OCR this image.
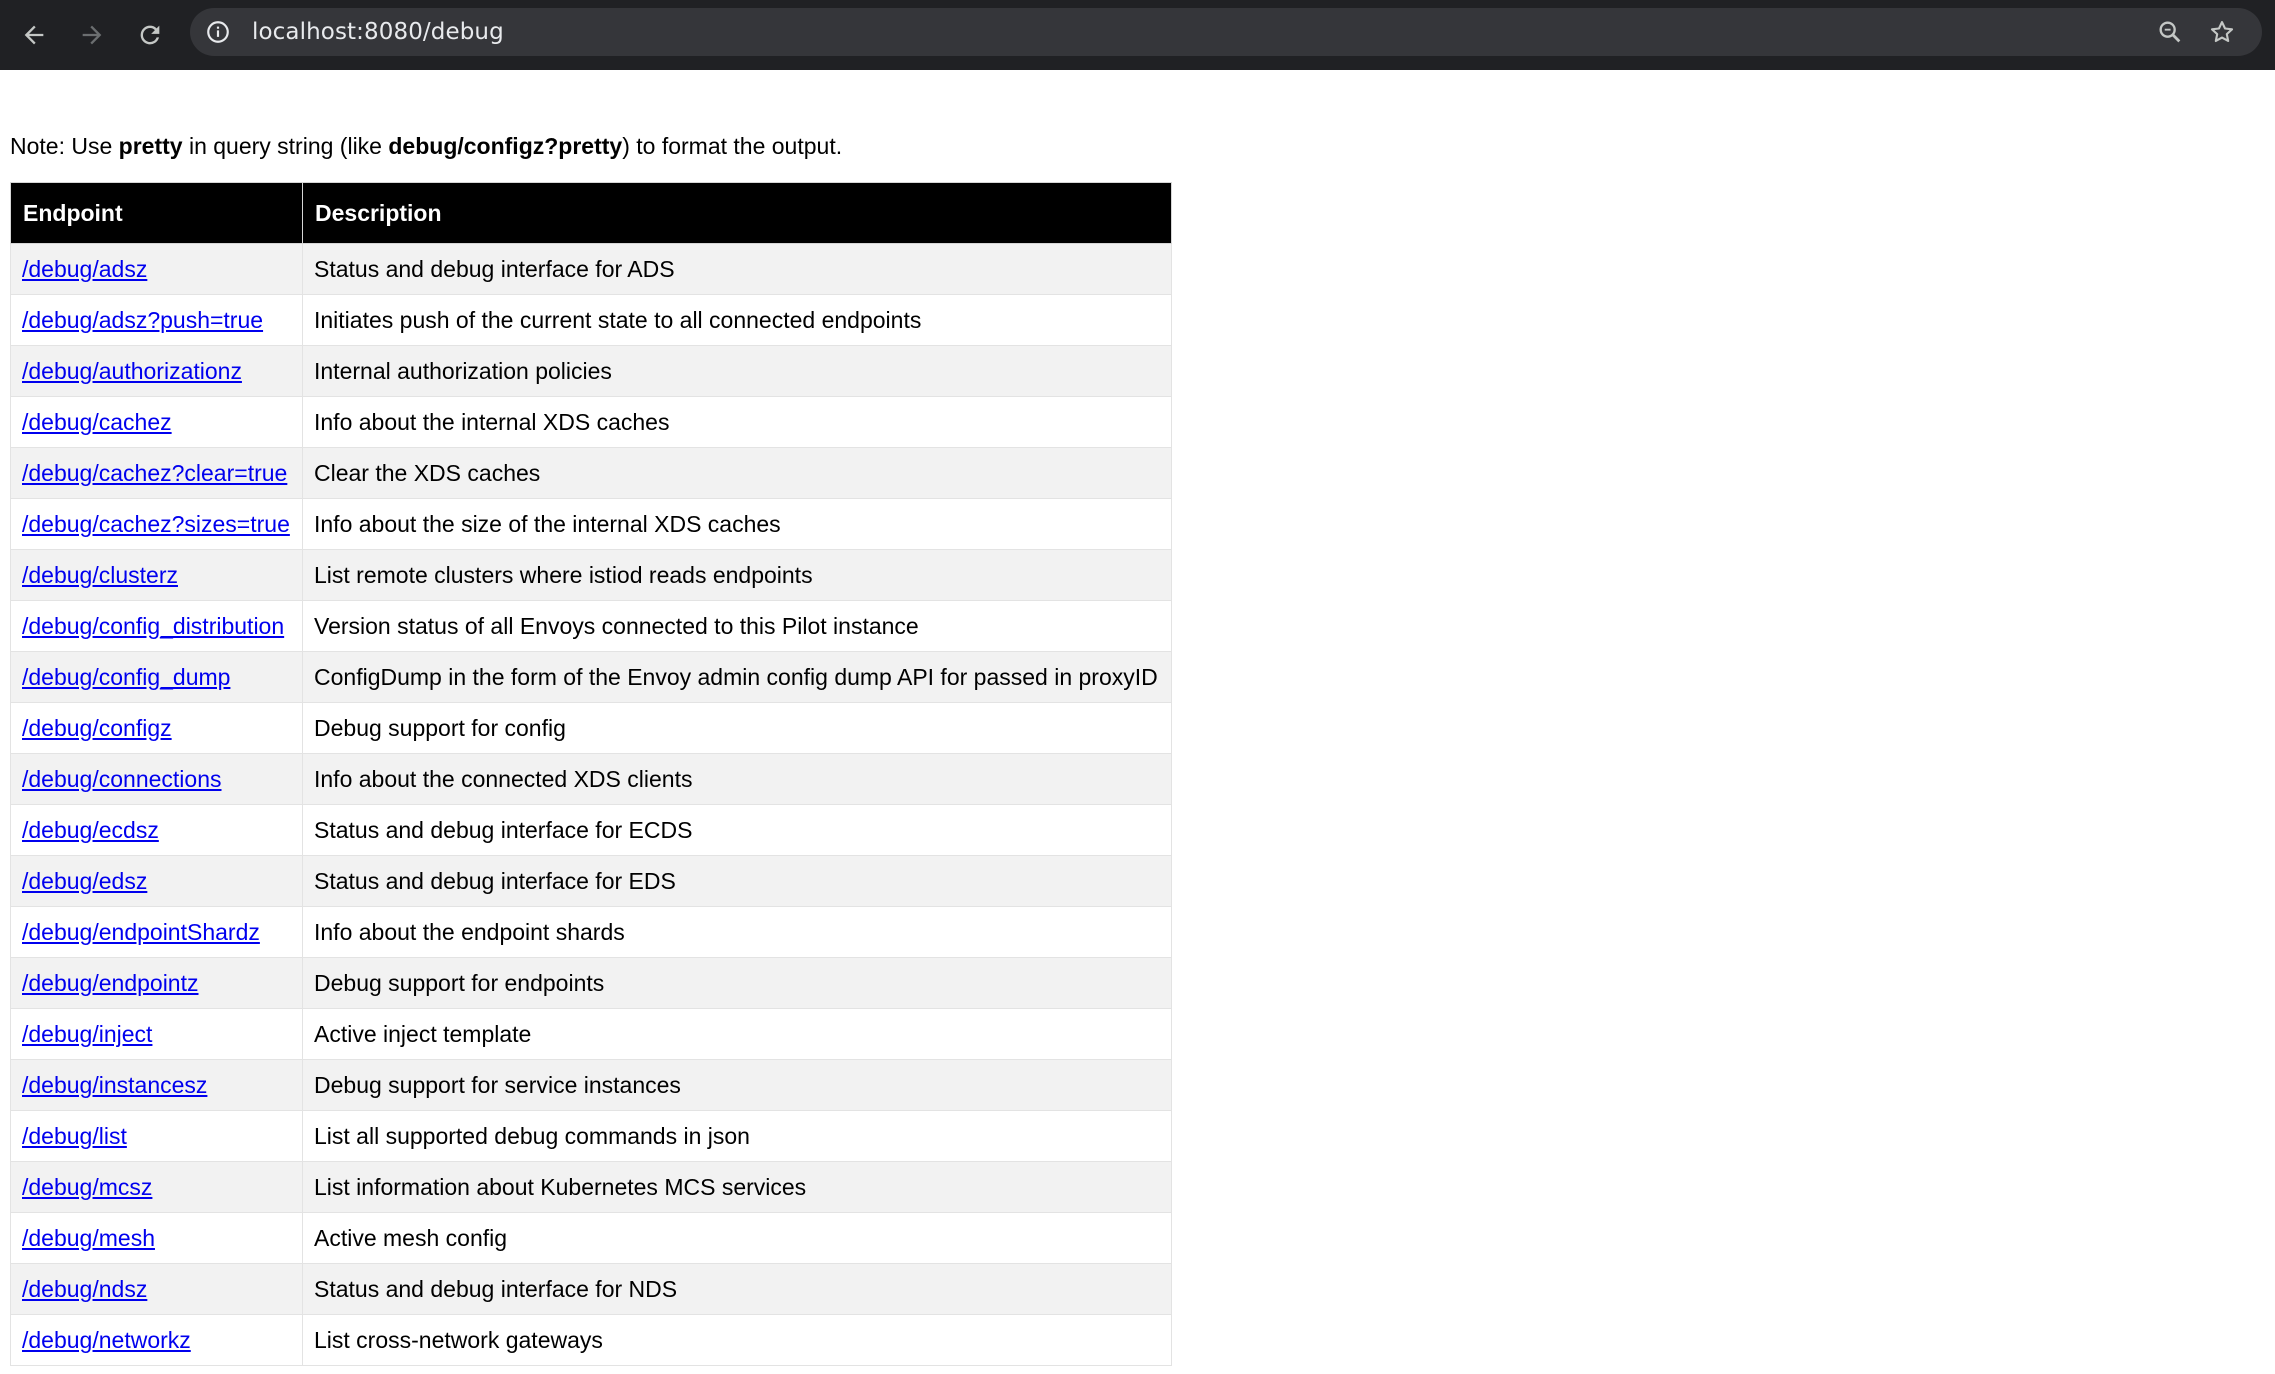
localhost:8080/debug
Note: Use pretty in query string (like debug/configz?pretty) to format the output.
Endpoint	Description
/debug/adsz	Status and debug interface for ADS
/debug/adsz?push=true	Initiates push of the current state to all connected endpoints
/debug/authorizationz	Internal authorization policies
/debug/cachez	Info about the internal XDS caches
/debug/cachez?clear=true	Clear the XDS caches
/debug/cachez?sizes=true	Info about the size of the internal XDS caches
/debug/clusterz	List remote clusters where istiod reads endpoints
/debug/config_distribution	Version status of all Envoys connected to this Pilot instance
/debug/config_dump	ConfigDump in the form of the Envoy admin config dump API for passed in proxyID
/debug/configz	Debug support for config
/debug/connections	Info about the connected XDS clients
/debug/ecdsz	Status and debug interface for ECDS
/debug/edsz	Status and debug interface for EDS
/debug/endpointShardz	Info about the endpoint shards
/debug/endpointz	Debug support for endpoints
/debug/inject	Active inject template
/debug/instancesz	Debug support for service instances
/debug/list	List all supported debug commands in json
/debug/mcsz	List information about Kubernetes MCS services
/debug/mesh	Active mesh config
/debug/ndsz	Status and debug interface for NDS
/debug/networkz	List cross-network gateways
